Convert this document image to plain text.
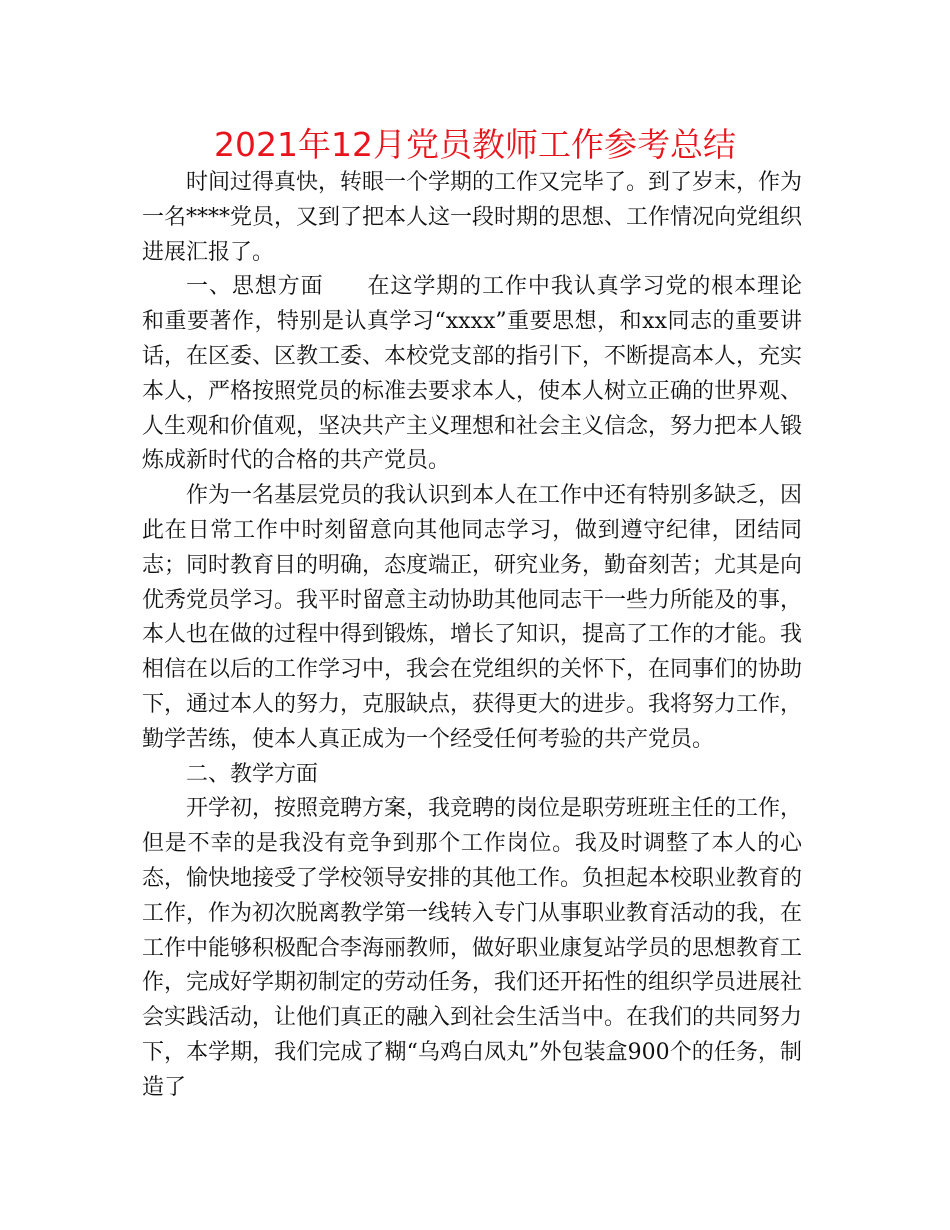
2021年12月党员教师工作参考总结

时间过得真快，转眼一个学期的工作又完毕了。到了岁末，作为一名****党员，又到了把本人这一段时期的思想、工作情况向党组织进展汇报了。

一、思想方面 在这学期的工作中我认真学习党的根本理论和重要著作，特别是认真学习“xxxx”重要思想，和xx同志的重要讲话，在区委、区教工委、本校党支部的指引下，不断提高本人，充实本人，严格按照党员的标准去要求本人，使本人树立正确的世界观、人生观和价值观，坚决共产主义理想和社会主义信念，努力把本人锻炼成新时代的合格的共产党员。

作为一名基层党员的我认识到本人在工作中还有特别多缺乏，因此在日常工作中时刻留意向其他同志学习，做到遵守纪律，团结同志；同时教育目的明确，态度端正，研究业务，勤奋刻苦；尤其是向优秀党员学习。我平时留意主动协助其他同志干一些力所能及的事，本人也在做的过程中得到锻炼，增长了知识，提高了工作的才能。我相信在以后的工作学习中，我会在党组织的关怀下，在同事们的协助下，通过本人的努力，克服缺点，获得更大的进步。我将努力工作，勤学苦练，使本人真正成为一个经受任何考验的共产党员。

二、教学方面

开学初，按照竞聘方案，我竞聘的岗位是职劳班班主任的工作，但是不幸的是我没有竞争到那个工作岗位。我及时调整了本人的心态，愉快地接受了学校领导安排的其他工作。负担起本校职业教育的工作，作为初次脱离教学第一线转入专门从事职业教育活动的我，在工作中能够积极配合李海丽教师，做好职业康复站学员的思想教育工作，完成好学期初制定的劳动任务，我们还开拓性的组织学员进展社会实践活动，让他们真正的融入到社会生活当中。在我们的共同努力下，本学期，我们完成了糊“乌鸡白凤丸”外包装盒900个的任务，制造了
